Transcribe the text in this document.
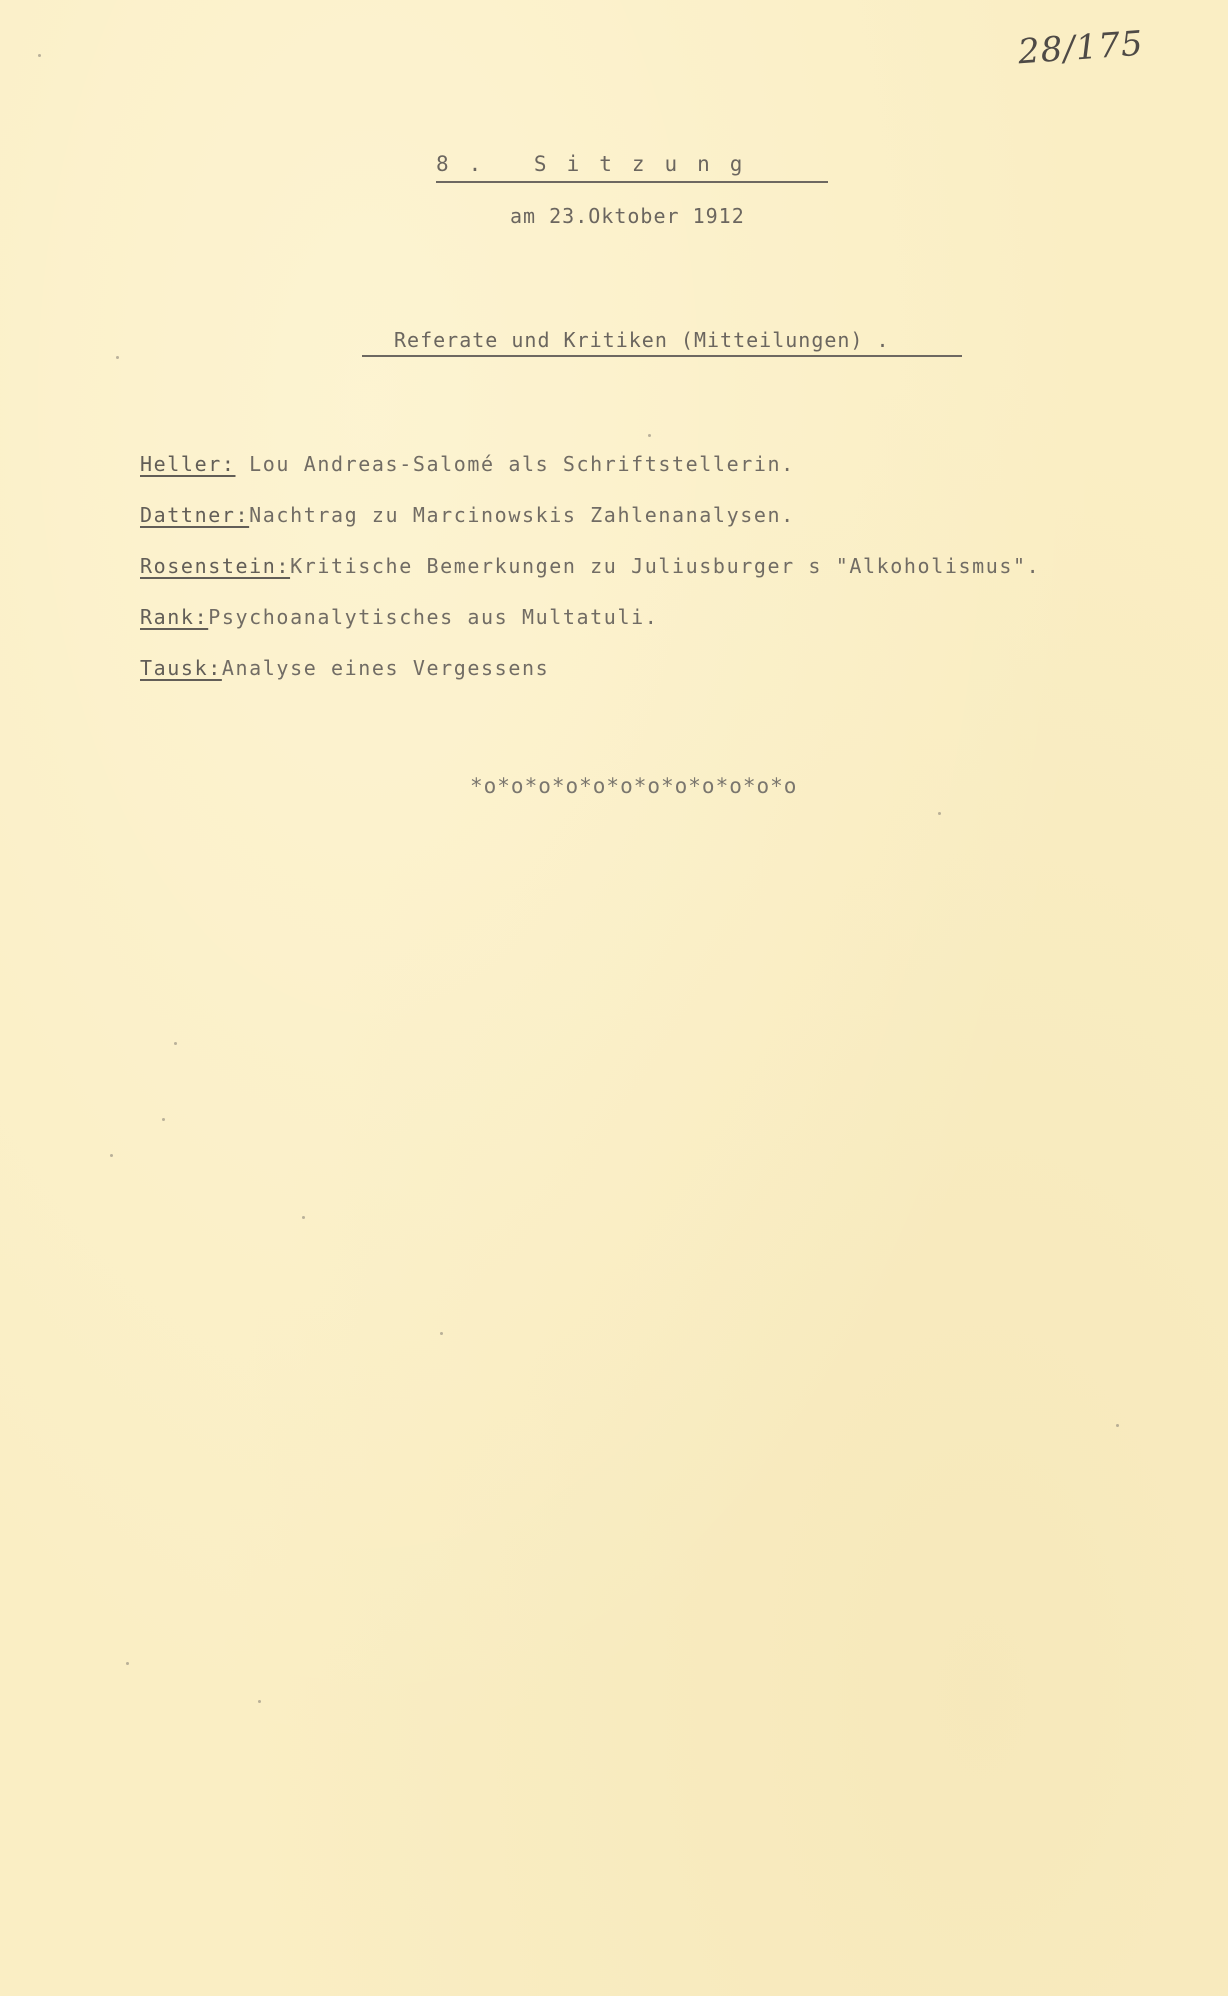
28/175
8. Sitzung
am 23.Oktober 1912
Referate und Kritiken (Mitteilungen) .
Heller: Lou Andreas-Salomé als Schriftstellerin.
Dattner:Nachtrag zu Marcinowskis Zahlenanalysen.
Rosenstein:Kritische Bemerkungen zu Juliusburger s "Alkoholismus".
Rank:Psychoanalytisches aus Multatuli.
Tausk:Analyse eines Vergessens
*o*o*o*o*o*o*o*o*o*o*o*o
